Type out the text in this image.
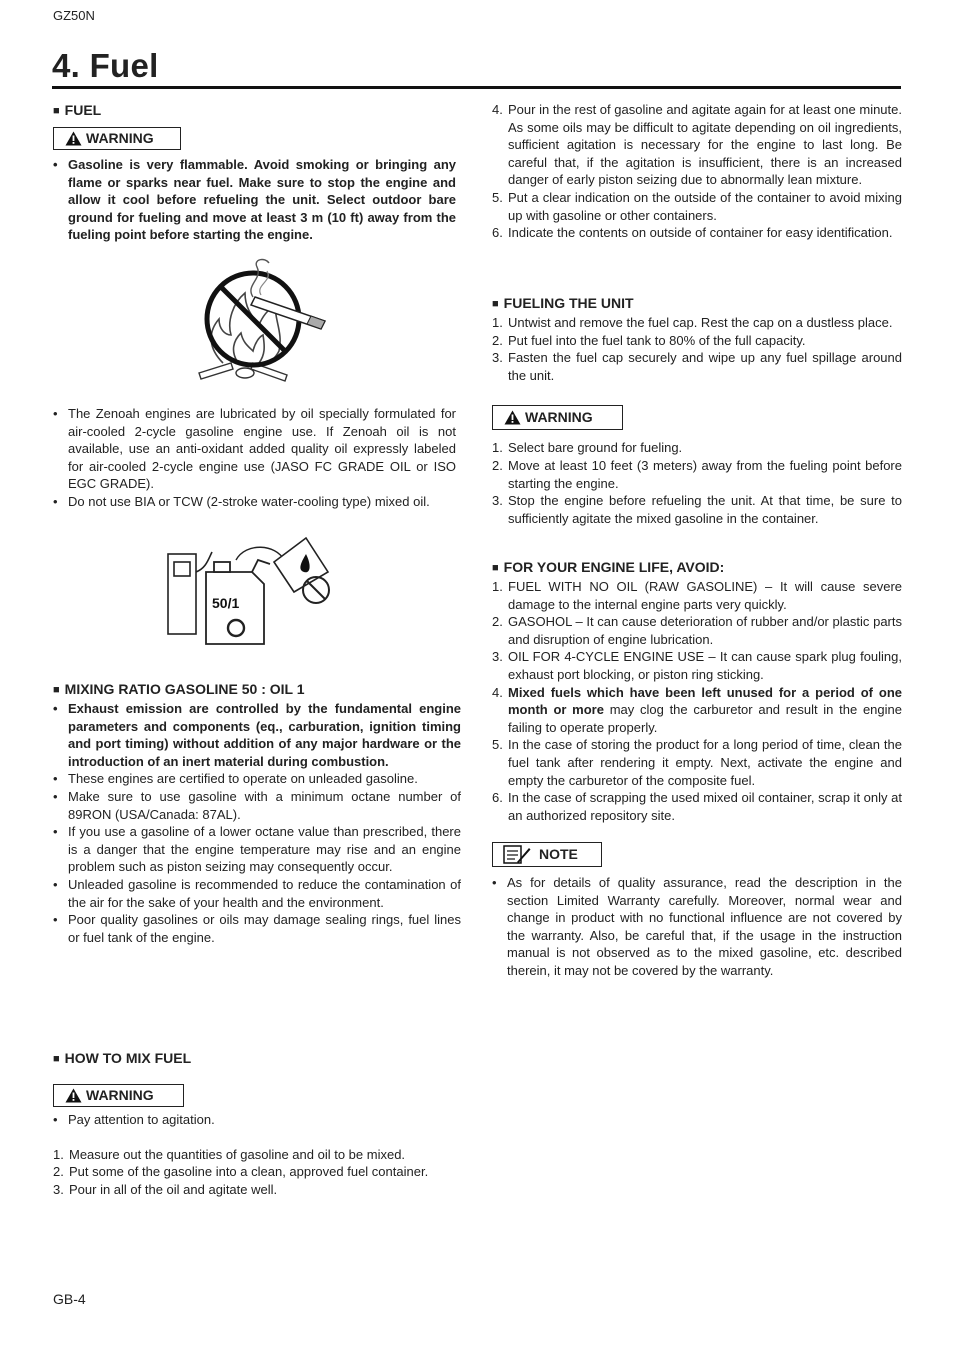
GZ50N
4. Fuel
■ FUEL
WARNING
• Gasoline is very flammable. Avoid smoking or bringing any flame or sparks near fuel. Make sure to stop the engine and allow it cool before refueling the unit. Select outdoor bare ground for fueling and move at least 3 m (10 ft) away from the fueling point before starting the engine.
• The Zenoah engines are lubricated by oil specially formulated for air-cooled 2-cycle gasoline engine use. If Zenoah oil is not available, use an anti-oxidant added quality oil expressly labeled for air-cooled 2-cycle engine use (JASO FC GRADE OIL or ISO EGC GRADE).
• Do not use BIA or TCW (2-stroke water-cooling type) mixed oil.
50/1
■ MIXING RATIO GASOLINE 50 : OIL 1
• Exhaust emission are controlled by the fundamental engine parameters and components (eq., carburation, ignition timing and port timing) without addition of any major hardware or the introduction of an inert material during combustion.
• These engines are certified to operate on unleaded gasoline.
• Make sure to use gasoline with a minimum octane number of 89RON (USA/Canada: 87AL).
• If you use a gasoline of a lower octane value than prescribed, there is a danger that the engine temperature may rise and an engine problem such as piston seizing may consequently occur.
• Unleaded gasoline is recommended to reduce the contamination of the air for the sake of your health and the environment.
• Poor quality gasolines or oils may damage sealing rings, fuel lines or fuel tank of the engine.
■ HOW TO MIX FUEL
WARNING
• Pay attention to agitation.
1. Measure out the quantities of gasoline and oil to be mixed.
2. Put some of the gasoline into a clean, approved fuel container.
3. Pour in all of the oil and agitate well.
4. Pour in the rest of gasoline and agitate again for at least one minute. As some oils may be difficult to agitate depending on oil ingredients, sufficient agitation is necessary for the engine to last long. Be careful that, if the agitation is insufficient, there is an increased danger of early piston seizing due to abnormally lean mixture.
5. Put a clear indication on the outside of the container to avoid mixing up with gasoline or other containers.
6. Indicate the contents on outside of container for easy identification.
■ FUELING THE UNIT
1. Untwist and remove the fuel cap. Rest the cap on a dustless place.
2. Put fuel into the fuel tank to 80% of the full capacity.
3. Fasten the fuel cap securely and wipe up any fuel spillage around the unit.
WARNING
1. Select bare ground for fueling.
2. Move at least 10 feet (3 meters) away from the fueling point before starting the engine.
3. Stop the engine before refueling the unit. At that time, be sure to sufficiently agitate the mixed gasoline in the container.
■ FOR YOUR ENGINE LIFE, AVOID:
1. FUEL WITH NO OIL (RAW GASOLINE) – It will cause severe damage to the internal engine parts very quickly.
2. GASOHOL – It can cause deterioration of rubber and/or plastic parts and disruption of engine lubrication.
3. OIL FOR 4-CYCLE ENGINE USE – It can cause spark plug fouling, exhaust port blocking, or piston ring sticking.
4. Mixed fuels which have been left unused for a period of one month or more may clog the carburetor and result in the engine failing to operate properly.
5. In the case of storing the product for a long period of time, clean the fuel tank after rendering it empty. Next, activate the engine and empty the carburetor of the composite fuel.
6. In the case of scrapping the used mixed oil container, scrap it only at an authorized repository site.
NOTE
• As for details of quality assurance, read the description in the section Limited Warranty carefully. Moreover, normal wear and change in product with no functional influence are not covered by the warranty. Also, be careful that, if the usage in the instruction manual is not observed as to the mixed gasoline, etc. described therein, it may not be covered by the warranty.
GB-4
